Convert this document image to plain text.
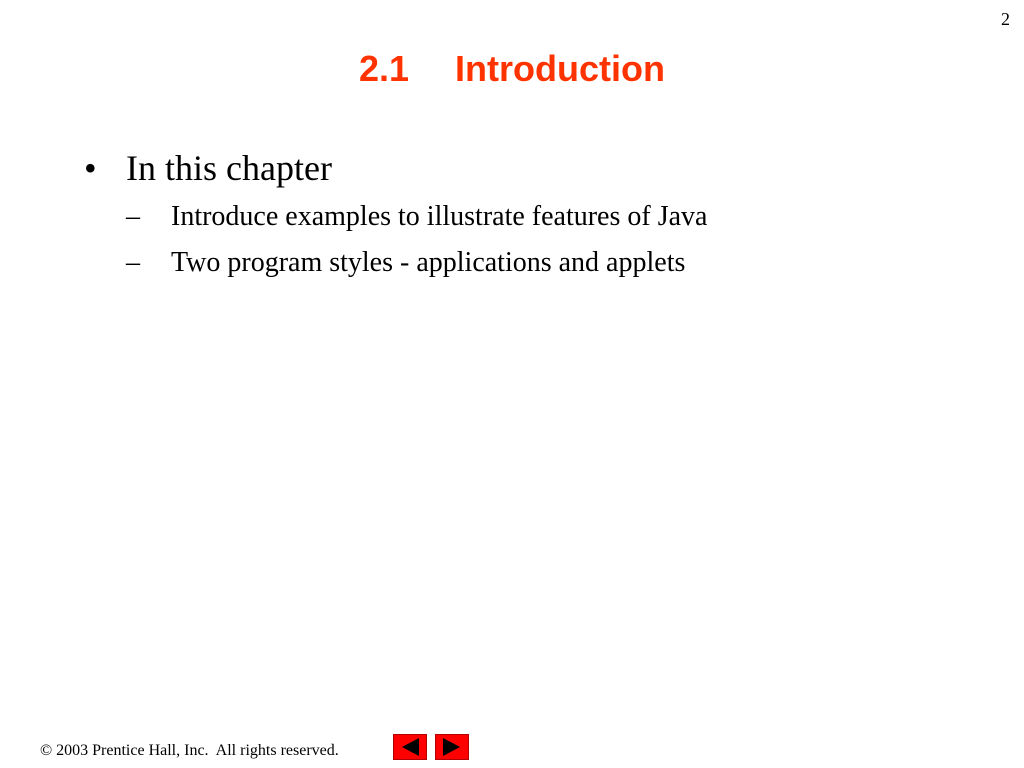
2
2.1 Introduction
• In this chapter
– Introduce examples to illustrate features of Java
– Two program styles - applications and applets
© 2003 Prentice Hall, Inc.  All rights reserved.
